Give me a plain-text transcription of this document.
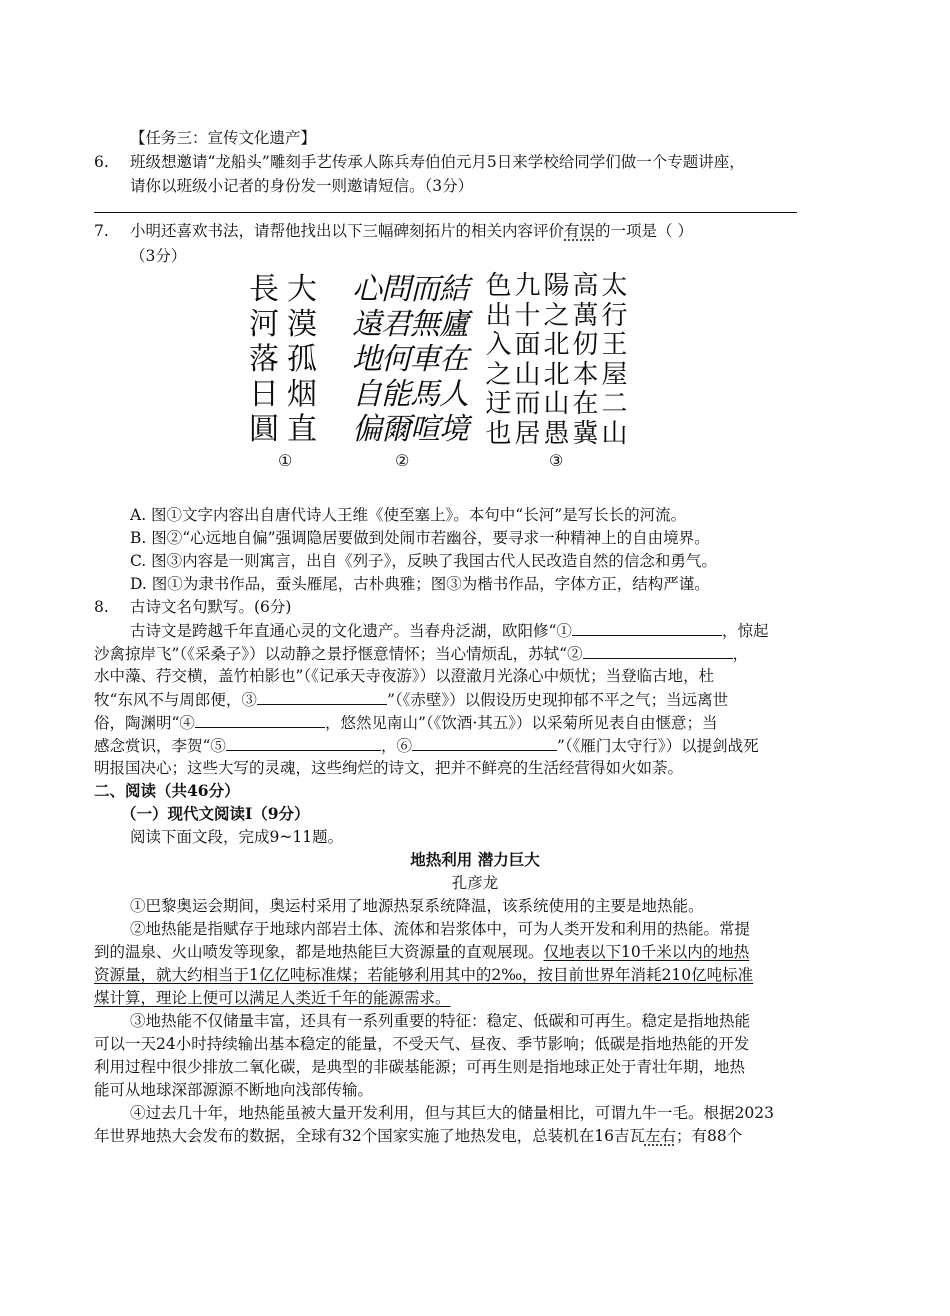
【任务三：宣传文化遗产】
6. 班级想邀请“龙船头”雕刻手艺传承人陈兵寿伯伯元月5日来学校给同学们做一个专题讲座，
请你以班级小记者的身份发一则邀请短信。（3分）
7. 小明还喜欢书法，请帮他找出以下三幅碑刻拓片的相关内容评价有误的一项是（ ）
（3分）
長
河
落
日
圓
大
漠
孤
烟
直
心
遠
地
自
偏
問
君
何
能
爾
而
無
車
馬
喧
結
廬
在
人
境
色
出
入
之
迂
也
九
十
面
山
而
居
陽
之
北
北
山
愚
高
萬
仞
本
在
冀
太
行
王
屋
二
山
①	②	③
A. 图①文字内容出自唐代诗人王维《使至塞上》。本句中“长河”是写长长的河流。
B. 图②“心远地自偏”强调隐居要做到处闹市若幽谷，要寻求一种精神上的自由境界。
C. 图③内容是一则寓言，出自《列子》，反映了我国古代人民改造自然的信念和勇气。
D. 图①为隶书作品，蚕头雁尾，古朴典雅；图③为楷书作品，字体方正，结构严谨。
8. 古诗文名句默写。(6分)
古诗文是跨越千年直通心灵的文化遗产。当春舟泛湖，欧阳修“①	，惊起
沙禽掠岸飞”（《采桑子》）以动静之景抒惬意情怀；当心情烦乱，苏轼“②	，
水中藻、荇交横，盖竹柏影也”（《记承天寺夜游》）以澄澈月光涤心中烦忧；当登临古地，杜
牧“东风不与周郎便，③	”（《赤壁》）以假设历史现抑郁不平之气；当远离世
俗，陶渊明“④	，悠然见南山”（《饮酒·其五》）以采菊所见表自由惬意；当
感念赏识，李贺“⑤	，⑥	”（《雁门太守行》）以提剑战死
明报国决心；这些大写的灵魂，这些绚烂的诗文，把并不鲜亮的生活经营得如火如荼。
二、阅读（共46分）
（一）现代文阅读Ⅰ（9分）
阅读下面文段，完成9~11题。
地热利用 潜力巨大
孔彦龙
①巴黎奥运会期间，奥运村采用了地源热泵系统降温，该系统使用的主要是地热能。
②地热能是指赋存于地球内部岩土体、流体和岩浆体中，可为人类开发和利用的热能。常提
到的温泉、火山喷发等现象，都是地热能巨大资源量的直观展现。仅地表以下10千米以内的地热
资源量，就大约相当于1亿亿吨标准煤；若能够利用其中的2‰，按目前世界年消耗210亿吨标准
煤计算，理论上便可以满足人类近千年的能源需求。
③地热能不仅储量丰富，还具有一系列重要的特征：稳定、低碳和可再生。稳定是指地热能
可以一天24小时持续输出基本稳定的能量，不受天气、昼夜、季节影响；低碳是指地热能的开发
利用过程中很少排放二氧化碳，是典型的非碳基能源；可再生则是指地球正处于青壮年期，地热
能可从地球深部源源不断地向浅部传输。
④过去几十年，地热能虽被大量开发利用，但与其巨大的储量相比，可谓九牛一毛。根据2023
年世界地热大会发布的数据，全球有32个国家实施了地热发电，总装机在16吉瓦左右；有88个
